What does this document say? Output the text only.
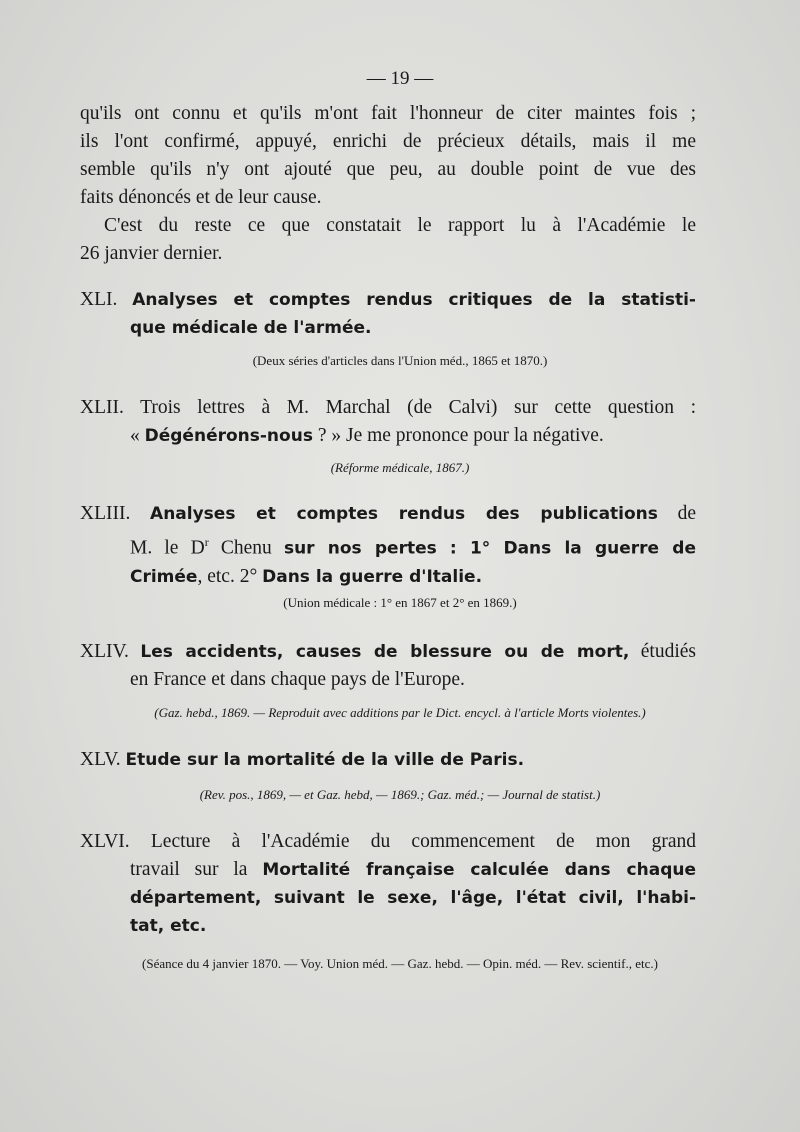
— 19 —
qu'ils ont connu et qu'ils m'ont fait l'honneur de citer maintes fois ;
ils l'ont confirmé, appuyé, enrichi de précieux détails, mais il me
semble qu'ils n'y ont ajouté que peu, au double point de vue des
faits dénoncés et de leur cause.
C'est du reste ce que constatait le rapport lu à l'Académie le
26 janvier dernier.
XLI. Analyses et comptes rendus critiques de la statisti-
que médicale de l'armée.
(Deux séries d'articles dans l'Union méd., 1865 et 1870.)
XLII. Trois lettres à M. Marchal (de Calvi) sur cette question :
« Dégénérons-nous ? » Je me prononce pour la négative.
(Réforme médicale, 1867.)
XLIII. Analyses et comptes rendus des publications de
M. le $D^r$ Chenu sur nos pertes : 1° Dans la guerre de
Crimée, etc. 2° Dans la guerre d'Italie.
(Union médicale : 1° en 1867 et 2° en 1869.)
XLIV. Les accidents, causes de blessure ou de mort, étudiés
en France et dans chaque pays de l'Europe.
(Gaz. hebd., 1869. — Reproduit avec additions par le Dict. encycl. à l'article Morts violentes.)
XLV. Etude sur la mortalité de la ville de Paris.
(Rev. pos., 1869, — et Gaz. hebd, — 1869.; Gaz. méd.; — Journal de statist.)
XLVI. Lecture à l'Académie du commencement de mon grand
travail sur la Mortalité française calculée dans chaque
département, suivant le sexe, l'âge, l'état civil, l'habi-
tat, etc.
(Séance du 4 janvier 1870. — Voy. Union méd. — Gaz. hebd. — Opin. méd. — Rev. scientif., etc.)
